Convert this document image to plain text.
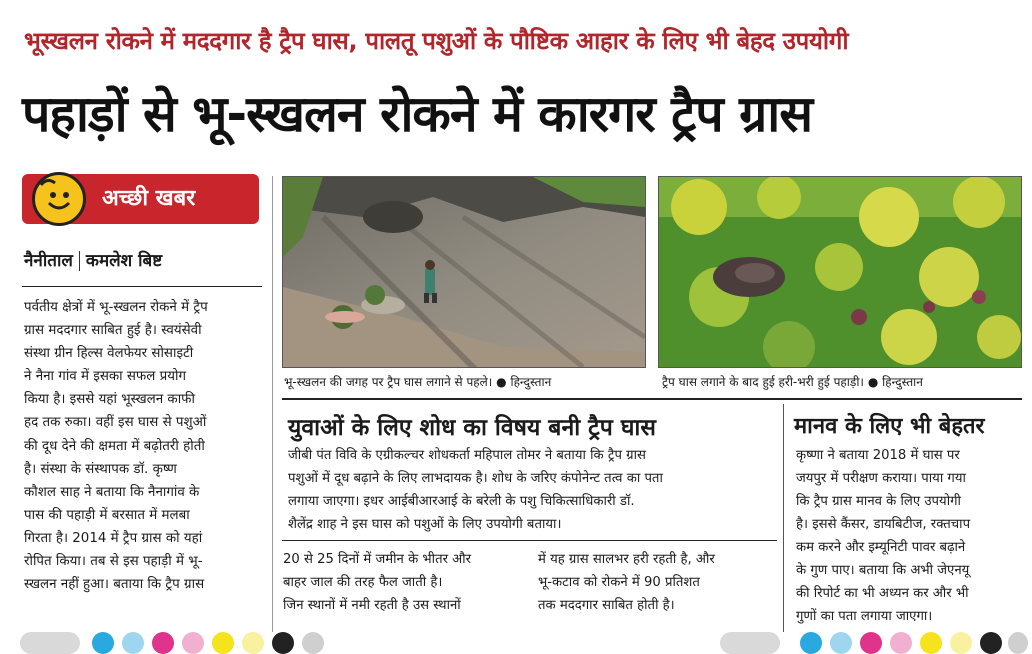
भूस्खलन रोकने में मददगार है ट्रैप घास, पालतू पशुओं के पौष्टिक आहार के लिए भी बेहद उपयोगी
पहाड़ों से भू-स्खलन रोकने में कारगर ट्रैप ग्रास
अच्छी खबर
नैनीताल कमलेश बिष्ट
पर्वतीय क्षेत्रों में भू-स्खलन रोकने में ट्रैप
ग्रास मददगार साबित हुई है। स्वयंसेवी
संस्था ग्रीन हिल्स वेलफेयर सोसाइटी
ने नैना गांव में इसका सफल प्रयोग
किया है। इससे यहां भूस्खलन काफी
हद तक रुका। वहीं इस घास से पशुओं
की दूध देने की क्षमता में बढ़ोतरी होती
है। संस्था के संस्थापक डॉ. कृष्ण
कौशल साह ने बताया कि नैनागांव के
पास की पहाड़ी में बरसात में मलबा
गिरता है। 2014 में ट्रैप ग्रास को यहां
रोपित किया। तब से इस पहाड़ी में भू-
स्खलन नहीं हुआ। बताया कि ट्रैप ग्रास
भू-स्खलन की जगह पर ट्रैप घास लगाने से पहले। ● हिन्दुस्तान	ट्रैप घास लगाने के बाद हुई हरी-भरी हुई पहाड़ी। ● हिन्दुस्तान
युवाओं के लिए शोध का विषय बनी ट्रैप घास
जीबी पंत विवि के एग्रीकल्चर शोधकर्ता महिपाल तोमर ने बताया कि ट्रैप ग्रास
पशुओं में दूध बढ़ाने के लिए लाभदायक है। शोध के जरिए कंपोनेन्ट तत्व का पता
लगाया जाएगा। इधर आईबीआरआई के बरेली के पशु चिकित्साधिकारी डॉ.
शैलेंद्र शाह ने इस घास को पशुओं के लिए उपयोगी बताया।
20 से 25 दिनों में जमीन के भीतर और
बाहर जाल की तरह फैल जाती है।
जिन स्थानों में नमी रहती है उस स्थानों
में यह ग्रास सालभर हरी रहती है, और
भू-कटाव को रोकने में 90 प्रतिशत
तक मददगार साबित होती है।
मानव के लिए भी बेहतर
कृष्णा ने बताया 2018 में घास पर
जयपुर में परीक्षण कराया। पाया गया
कि ट्रैप ग्रास मानव के लिए उपयोगी
है। इससे कैंसर, डायबिटीज, रक्तचाप
कम करने और इम्यूनिटी पावर बढ़ाने
के गुण पाए। बताया कि अभी जेएनयू
की रिपोर्ट का भी अध्यन कर और भी
गुणों का पता लगाया जाएगा।
